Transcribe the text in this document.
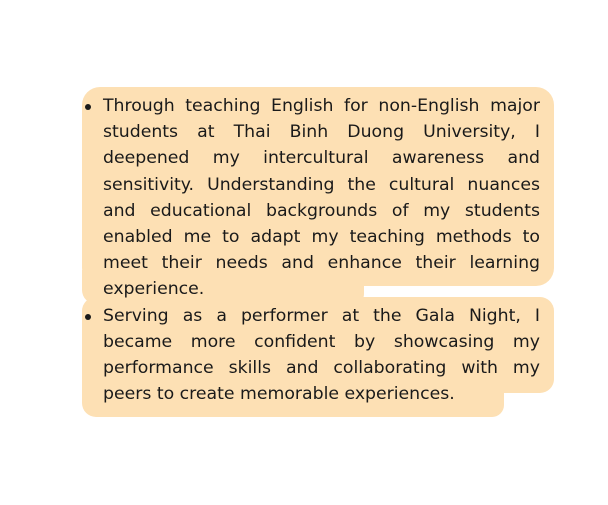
Through teaching English for non-English major students at Thai Binh Duong University, I deepened my intercultural awareness and sensitivity. Understanding the cultural nuances and educational backgrounds of my students enabled me to adapt my teaching methods to meet their needs and enhance their learning experience.
Serving as a performer at the Gala Night, I became more confident by showcasing my performance skills and collaborating with my peers to create memorable experiences.
